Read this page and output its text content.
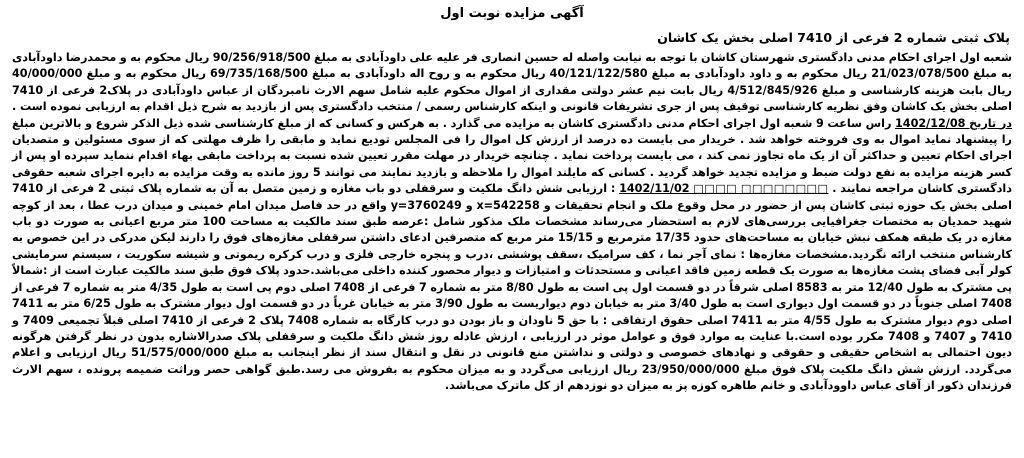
آگهی مزایده نوبت اول
پلاک ثبتی شماره 2 فرعی از 7410 اصلی بخش یک کاشان
شعبه اول اجرای احکام مدنی دادگستری شهرستان کاشان با توجه به نیابت واصله له حسین انصاری فر علیه علی داودآبادی به مبلغ 90/256/918/500 ریال محکوم به و محمدرضا داودآبادی به مبلغ 21/023/078/500 ریال محکوم به و داود داودآبادی به مبلغ 40/121/122/580 ریال محکوم به و روح اله داودآبادی به مبلغ 69/735/168/500 ریال محکوم به و مبلغ 40/000/000 ریال بابت هزینه کارشناسی و مبلغ 4/512/845/926 ریال بابت نیم عشر دولتی مقداری از اموال محکوم علیه شامل سهم الارث نامبردگان از عباس داودآبادی در پلاک2 فرعی از 7410 اصلی بخش یک کاشان وفق نظریه کارشناسی توقیف پس از جری تشریفات قانونی و اینکه کارشناس رسمی / منتخب دادگستری پس از بازدید به شرح ذیل اقدام به ارزیابی نموده است . در تاریخ 1402/12/08 راس ساعت 9 شعبه اول اجرای احکام مدنی دادگستری کاشان به مزایده می گذارد . به هرکس و کسانی که از مبلغ کارشناسی شده ذیل الذکر شروع و بالاترین مبلغ را پیشنهاد نماید اموال به وی فروخته خواهد شد . خریدار می بایست ده درصد از ارزش کل اموال را فی المجلس تودیع نماید و مابقی را ظرف مهلتی که از سوی مسئولین و متصدیان اجرای احکام تعیین و حداکثر آن از یک ماه تجاوز نمی کند ، می بایست پرداخت نماید . چنانچه خریدار در مهلت مقرر تعیین شده نسبت به پرداخت مابقی بهاء اقدام ننماید سپرده او پس از کسر هزینه مزایده به نفع دولت ضبط و مزایده تجدید خواهد گردید . کسانی که مایلند اموال را ملاحظه و بازدید نمایند می توانند 5 روز مانده به وقت مزایده به دایره اجرای شعبه حقوقی دادگستری کاشان مراجعه نمایند . □□□□□□□□ □□□□ 1402/11/02 : ارزیابی شش دانگ ملکیت و سرقفلی دو باب مغازه و زمین متصل به آن به شماره پلاک ثبتی 2 فرعی از 7410 اصلی بخش یک حوزه ثبتی کاشان پس از حضور در محل وقوع ملک و انجام تحقیقات و 542258=x و 3760249=y واقع در حد فاصل میدان امام خمینی و میدان درب عطا ، بعد از کوچه شهید حمدیان به مختصات جغرافیایی بررسی‌های لازم به استحضار می‌رساند مشخصات ملک مذکور شامل :عرصه طبق سند مالکیت به مساحت 100 متر مربع اعیانی به صورت دو باب مغازه در یک طبقه همکف نبش خیابان به مساحت‌های حدود 17/35 مترمربع و 15/15 متر مربع که متصرفین ادعای داشتن سرقفلی مغازه‌های فوق را دارند لیکن مدرکی در این خصوص به کارشناس منتخب ارائه نگردید.مشخصات مغازه‌ها : نمای آجر نما ، کف سرامیک ،سقف پوششی ،درب و پنجره خارجی فلزی و درب کرکره ریموتی و شیشه سکوریت ، سیستم سرمایشی کولر آبی فضای پشت مغازه‌ها به صورت یک قطعه زمین فاقد اعیانی و مستحدثات و امتیازات و دیوار محصور کننده داخلی می‌باشد.حدود پلاک فوق طبق سند مالکیت عبارت است از :شمالاً پی مشترک به طول 12/40 متر به 8583 اصلی شرقاً در دو قسمت اول پی است به طول 8/80 متر به شماره 7 فرعی از 7408 اصلی دوم پی است به طول 4/35 متر به شماره 7 فرعی از 7408 اصلی جنوباً در دو قسمت اول دیواری است به طول 3/40 متر به خیابان دوم دیواریست به طول 3/90 متر به خیابان غرباً در دو قسمت اول دیوار مشترک به طول 6/25 متر به 7411 اصلی دوم دیوار مشترک به طول 4/55 متر به 7411 اصلی حقوق ارتفاقی : با حق 5 ناودان و باز بودن دو درب کارگاه به شماره 7408 پلاک 2 فرعی از 7410 اصلی قبلاً تجمیعی 7409 و 7410 و 7407 و 7408 مکرر بوده است.با عنایت به موارد فوق و عوامل موثر در ارزیابی ، ارزش عادله روز شش دانگ ملکیت و سرقفلی پلاک صدرالاشاره بدون در نظر گرفتن هرگونه دیون احتمالی به اشخاص حقیقی و حقوقی و نهادهای خصوصی و دولتی و نداشتن منع قانونی در نقل و انتقال سند از نظر اینجانب به مبلغ 51/575/000/000 ریال ارزیابی و اعلام می‌گردد. ارزش شش دانگ ملکیت پلاک فوق مبلغ 23/950/000/000 ریال ارزیابی می‌گردد و به میزان محکوم به بفروش می رسد.طبق گواهی حصر وراثت ضمیمه پرونده ، سهم الارث فرزندان ذکور از آقای عباس داوودآبادی و خانم طاهره کوزه پز به میزان دو نوزدهم از کل ماترک می‌باشد.
